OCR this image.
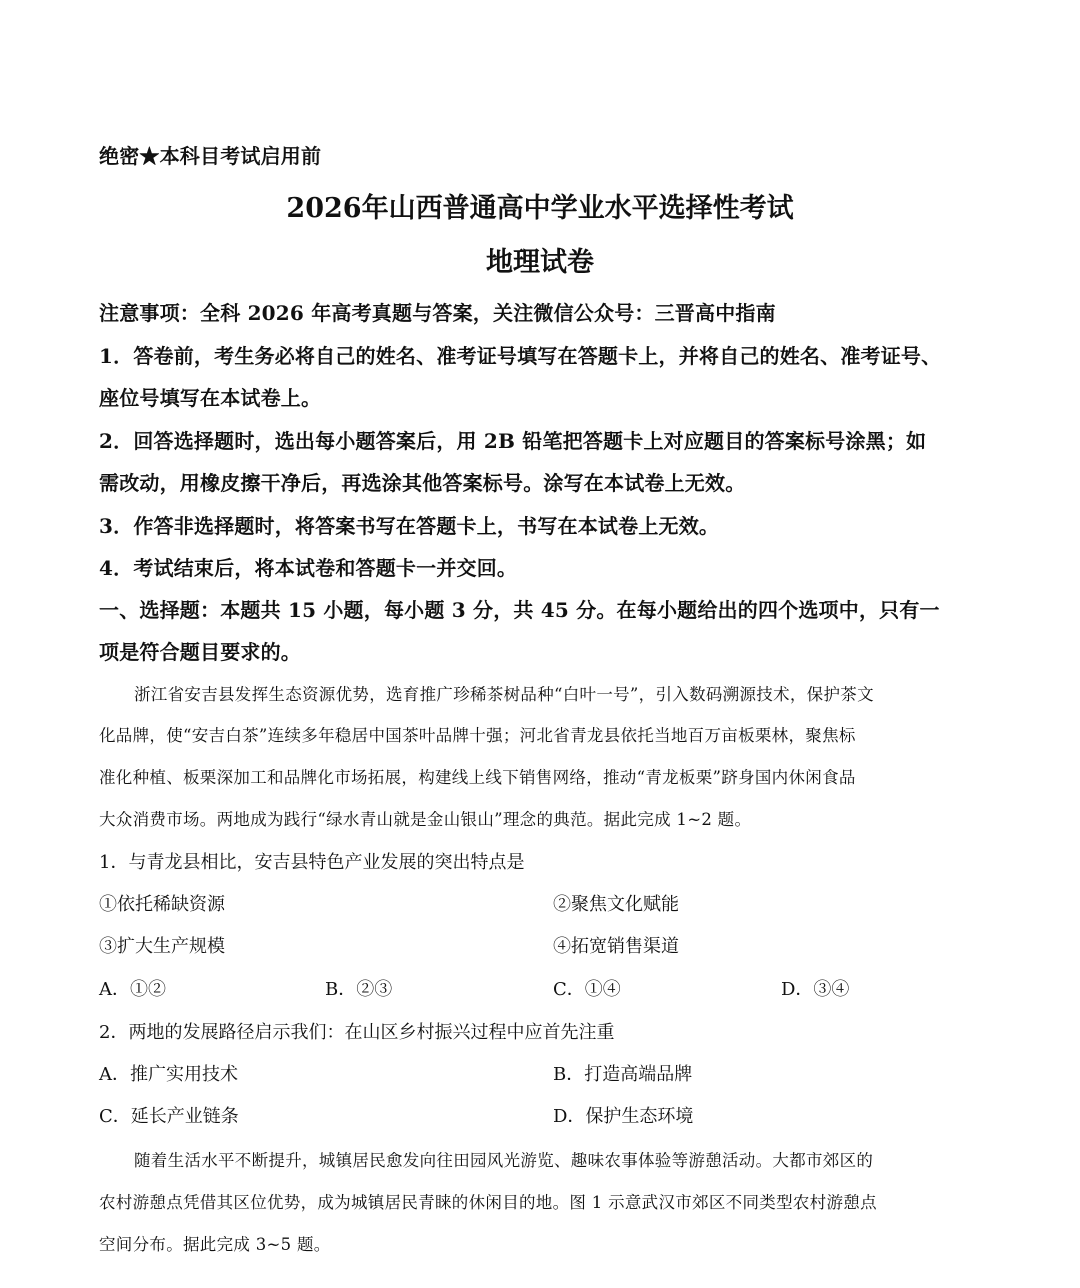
绝密★本科目考试启用前
2026年山西普通高中学业水平选择性考试
地理试卷
注意事项：全科 2026 年高考真题与答案，关注微信公众号：三晋高中指南
1．答卷前，考生务必将自己的姓名、准考证号填写在答题卡上，并将自己的姓名、准考证号、
座位号填写在本试卷上。
2．回答选择题时，选出每小题答案后，用 2B 铅笔把答题卡上对应题目的答案标号涂黑；如
需改动，用橡皮擦干净后，再选涂其他答案标号。涂写在本试卷上无效。
3．作答非选择题时，将答案书写在答题卡上，书写在本试卷上无效。
4．考试结束后，将本试卷和答题卡一并交回。
一、选择题：本题共 15 小题，每小题 3 分，共 45 分。在每小题给出的四个选项中，只有一
项是符合题目要求的。
浙江省安吉县发挥生态资源优势，选育推广珍稀茶树品种“白叶一号”，引入数码溯源技术，保护茶文
化品牌，使“安吉白茶”连续多年稳居中国茶叶品牌十强；河北省青龙县依托当地百万亩板栗林，聚焦标
准化种植、板栗深加工和品牌化市场拓展，构建线上线下销售网络，推动“青龙板栗”跻身国内休闲食品
大众消费市场。两地成为践行“绿水青山就是金山银山”理念的典范。据此完成 1~2 题。
1．与青龙县相比，安吉县特色产业发展的突出特点是
①依托稀缺资源	②聚焦文化赋能
③扩大生产规模	④拓宽销售渠道
A．①②	B．②③	C．①④	D．③④
2．两地的发展路径启示我们：在山区乡村振兴过程中应首先注重
A．推广实用技术	B．打造高端品牌
C．延长产业链条	D．保护生态环境
随着生活水平不断提升，城镇居民愈发向往田园风光游览、趣味农事体验等游憩活动。大都市郊区的
农村游憩点凭借其区位优势，成为城镇居民青睐的休闲目的地。图 1 示意武汉市郊区不同类型农村游憩点
空间分布。据此完成 3~5 题。
